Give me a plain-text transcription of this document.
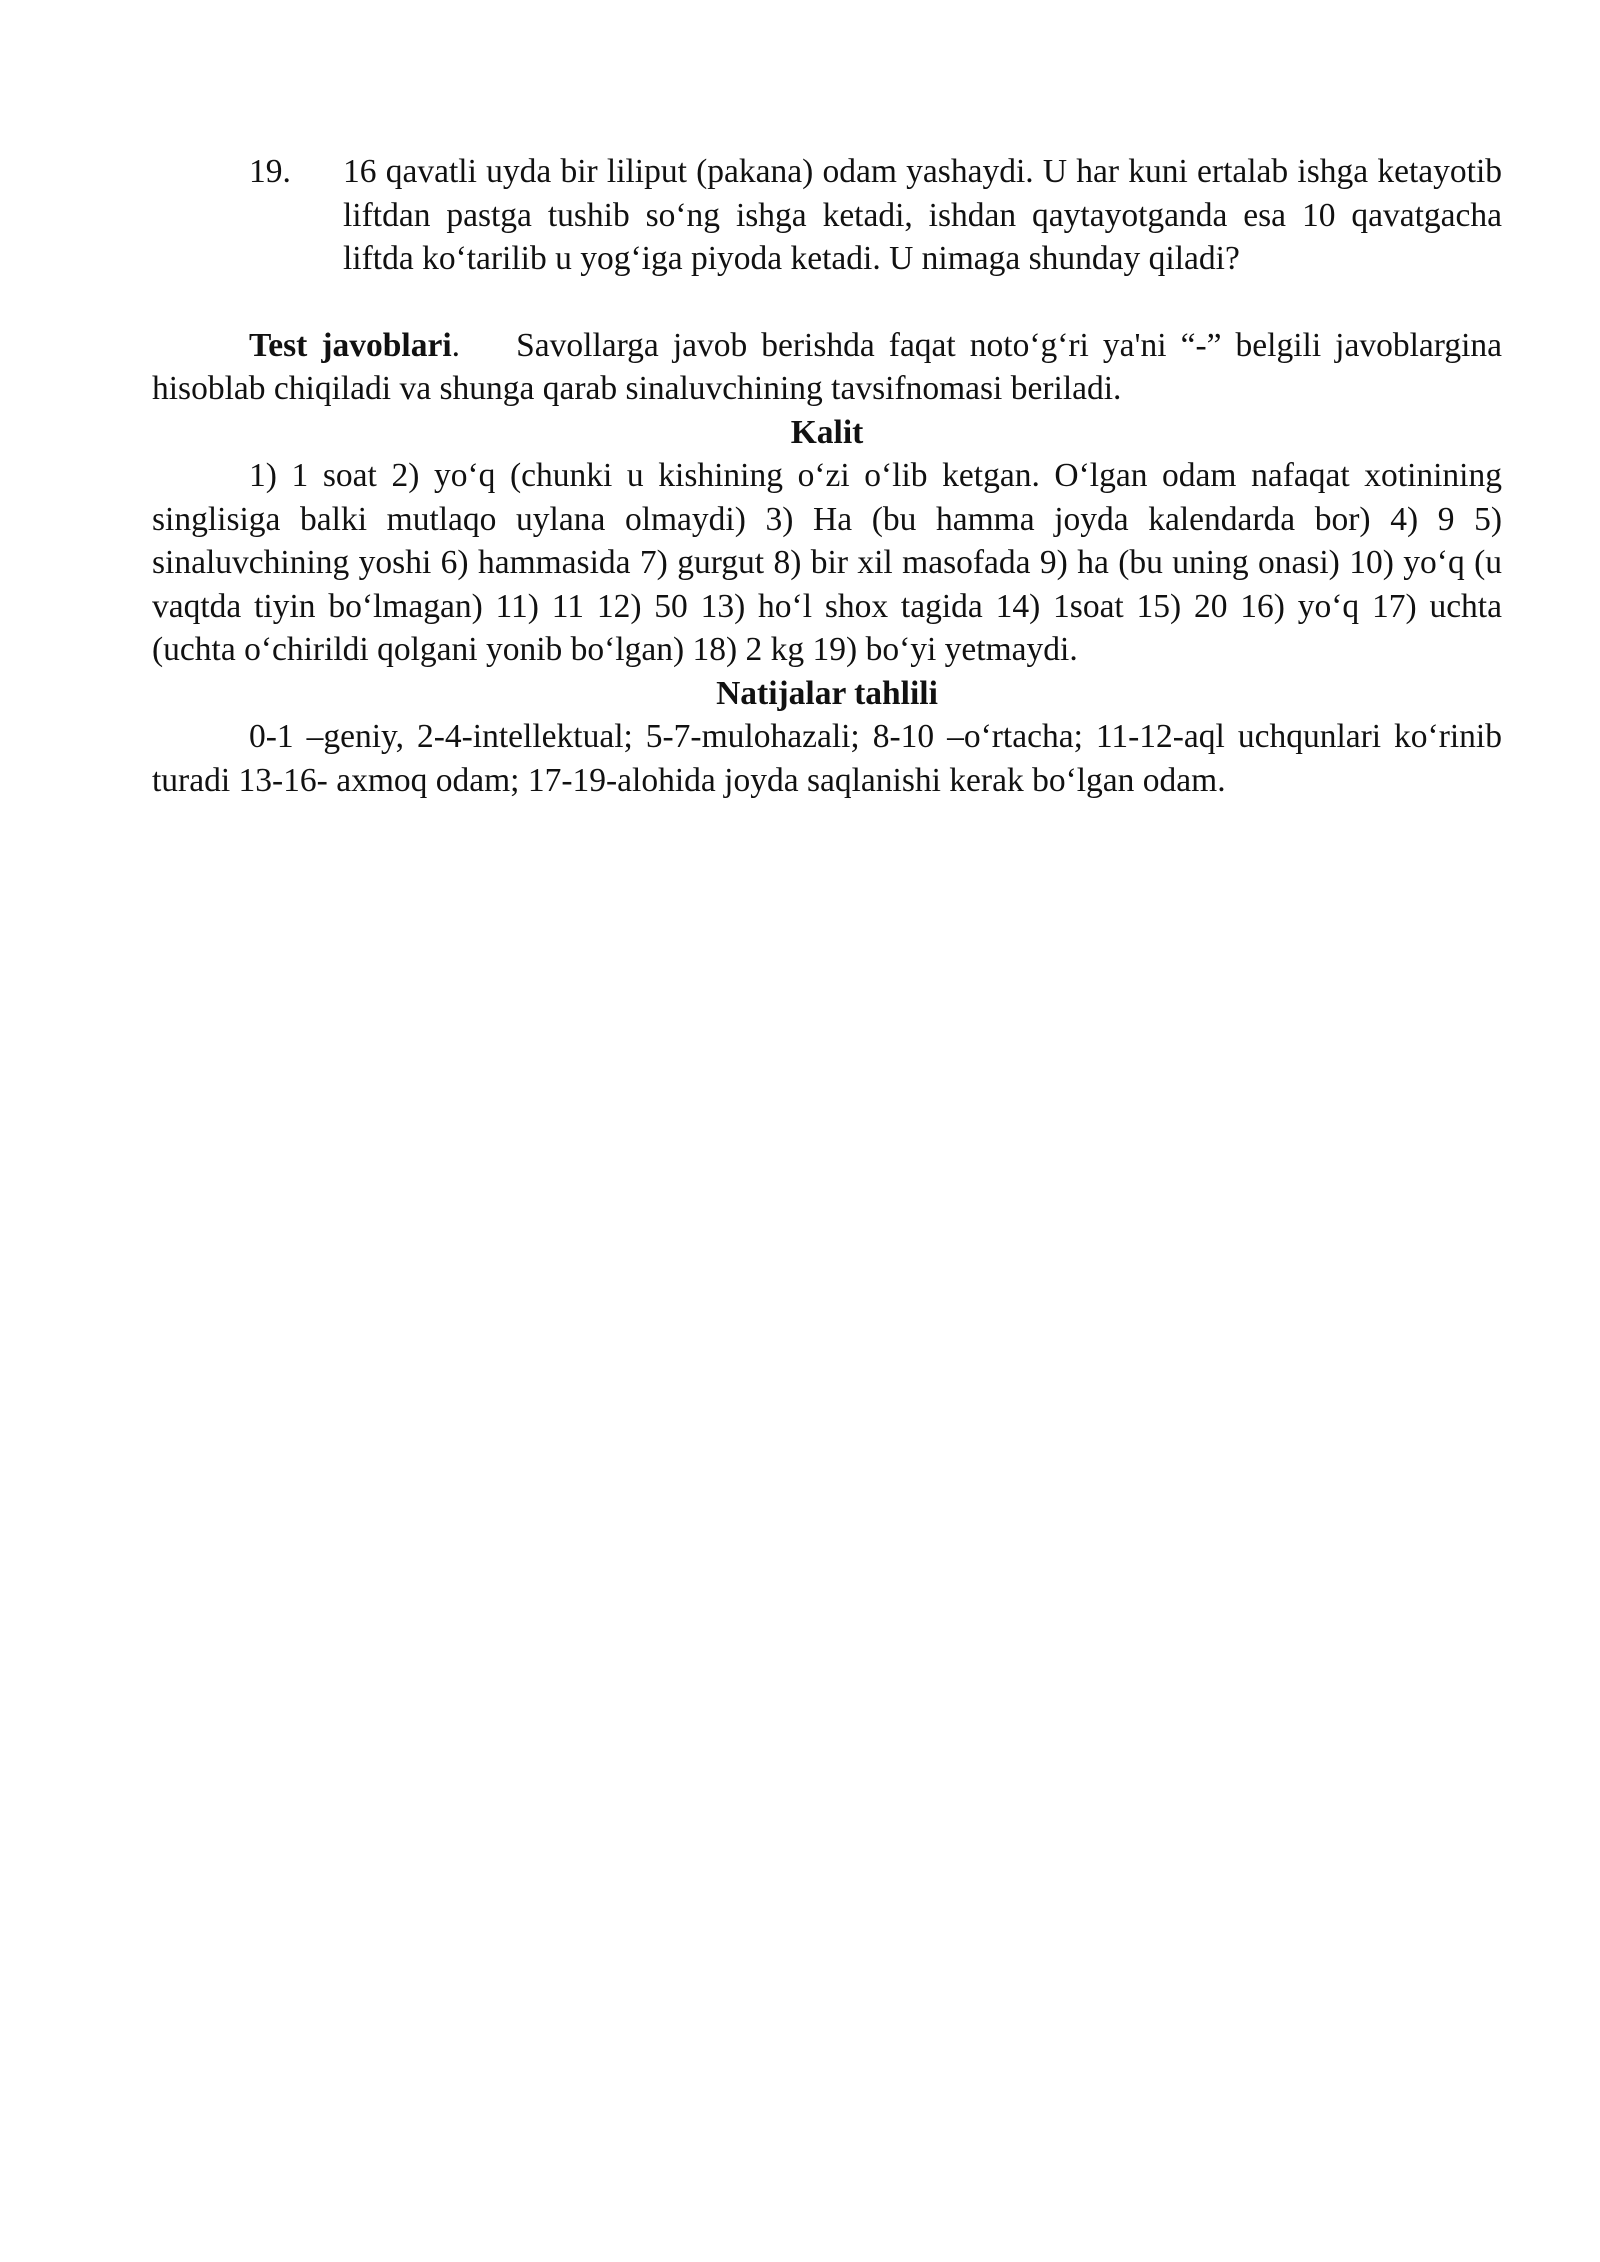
19.	16 qavatli uyda bir liliput (pakana) odam yashaydi. U har kuni ertalab ishga ketayotib liftdan pastga tushib so‘ng ishga ketadi, ishdan qaytayotganda esa 10 qavatgacha liftda ko‘tarilib u yog‘iga piyoda ketadi. U nimaga shunday qiladi?

Test javoblari.    Savollarga javob berishda faqat noto‘g‘ri ya'ni “-” belgili javoblargina hisoblab chiqiladi va shunga qarab sinaluvchining tavsifnomasi beriladi.

Kalit

1) 1 soat 2) yo‘q (chunki u kishining o‘zi o‘lib ketgan. O‘lgan odam nafaqat xotinining singlisiga balki mutlaqo uylana olmaydi) 3) Ha (bu hamma joyda kalendarda bor) 4) 9 5) sinaluvchining yoshi 6) hammasida 7) gurgut 8) bir xil masofada 9) ha (bu uning onasi) 10) yo‘q (u vaqtda tiyin bo‘lmagan) 11) 11 12) 50 13) ho‘l shox tagida 14) 1soat 15) 20 16) yo‘q 17) uchta (uchta o‘chirildi qolgani yonib bo‘lgan) 18) 2 kg 19) bo‘yi yetmaydi.

Natijalar tahlili

0-1 –geniy, 2-4-intellektual; 5-7-mulohazali; 8-10 –o‘rtacha; 11-12-aql uchqunlari ko‘rinib turadi 13-16- axmoq odam; 17-19-alohida joyda saqlanishi kerak bo‘lgan odam.
